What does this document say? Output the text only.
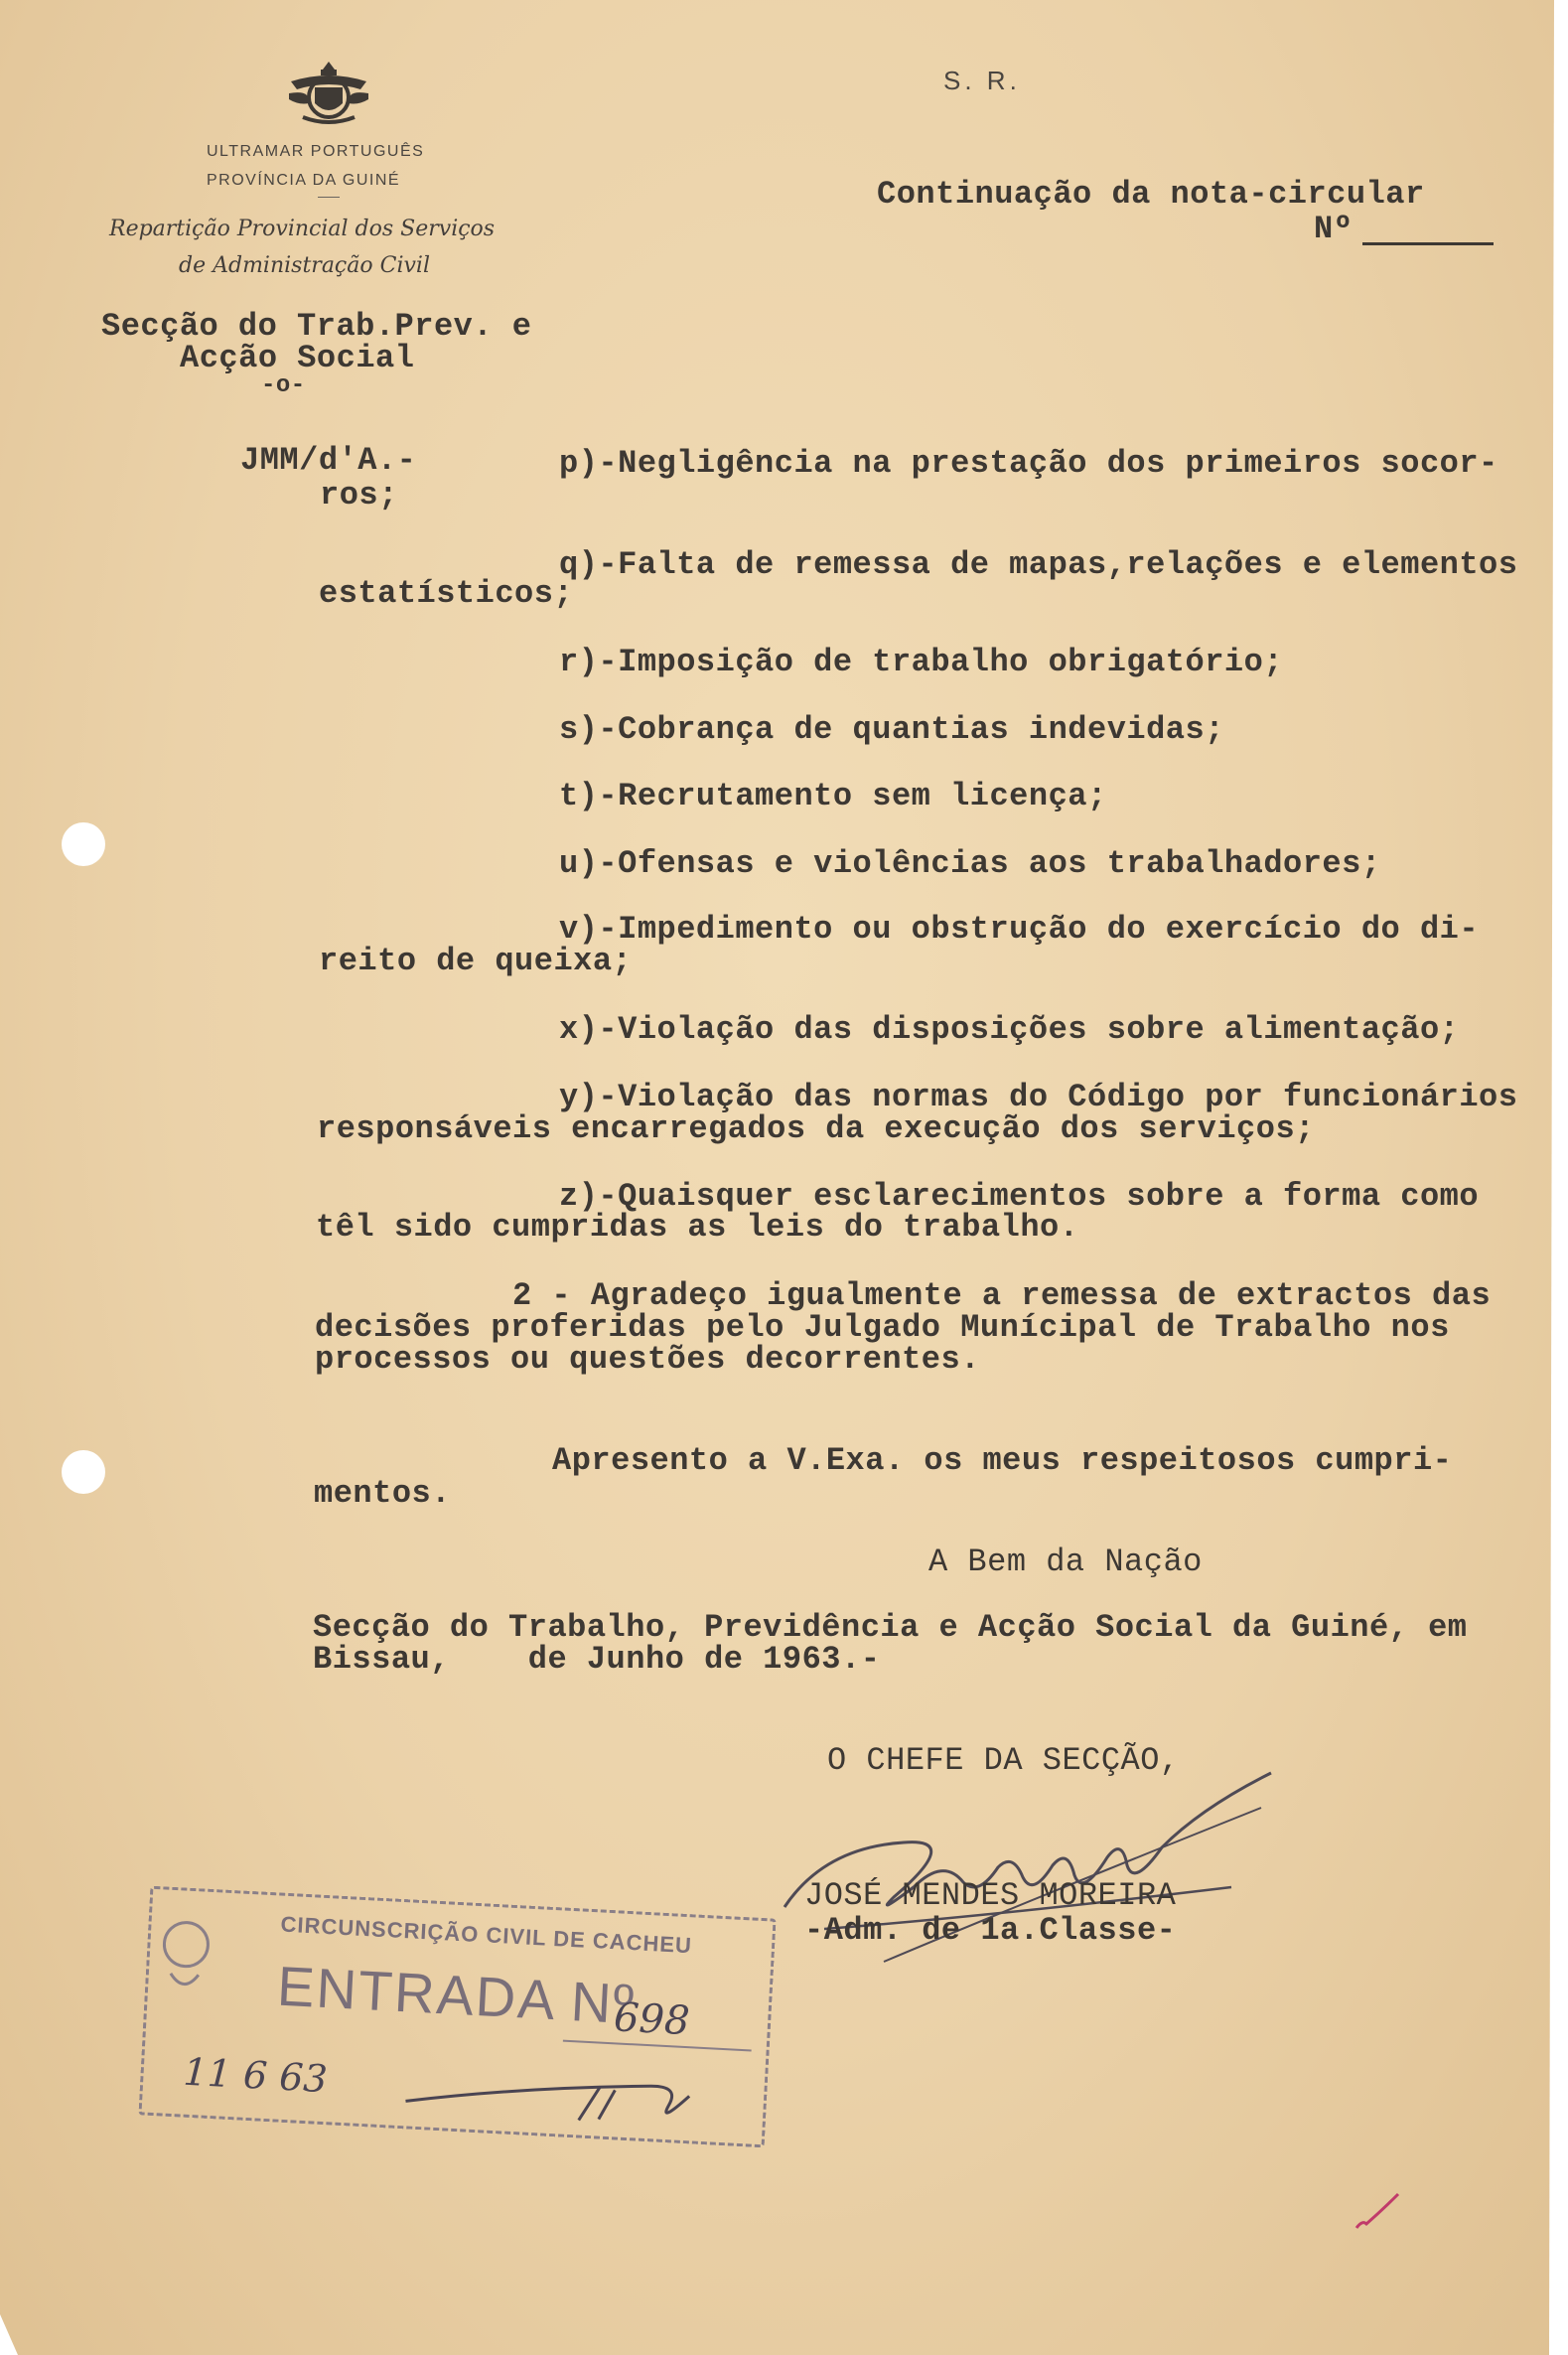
ULTRAMAR PORTUGUÊS
PROVÍNCIA DA GUINÉ
Repartição Provincial dos Serviços
de Administração Civil
S. R.
Continuação da nota-circular
Nº
Secção do Trab.Prev. e
Acção Social
-o-
JMM/d'A.-	p)-Negligência na prestação dos primeiros socor-
ros;
q)-Falta de remessa de mapas,relações e elementos
estatísticos;
r)-Imposição de trabalho obrigatório;
s)-Cobrança de quantias indevidas;
t)-Recrutamento sem licença;
u)-Ofensas e violências aos trabalhadores;
v)-Impedimento ou obstrução do exercício do di-
reito de queixa;
x)-Violação das disposições sobre alimentação;
y)-Violação das normas do Código por funcionários
responsáveis encarregados da execução dos serviços;
z)-Quaisquer esclarecimentos sobre a forma como
têl sido cumpridas as leis do trabalho.
2 - Agradeço igualmente a remessa de extractos das
decisões proferidas pelo Julgado Munícipal de Trabalho nos
processos ou questões decorrentes.
Apresento a V.Exa. os meus respeitosos cumpri-
mentos.
A Bem da Nação
Secção do Trabalho, Previdência e Acção Social da Guiné, em
Bissau,    de Junho de 1963.-
O CHEFE DA SECÇÃO,
JOSÉ MENDES MOREIRA
-Adm. de 1a.Classe-
CIRCUNSCRIÇÃO CIVIL DE CACHEU
ENTRADA Nº
698
11 6 63
